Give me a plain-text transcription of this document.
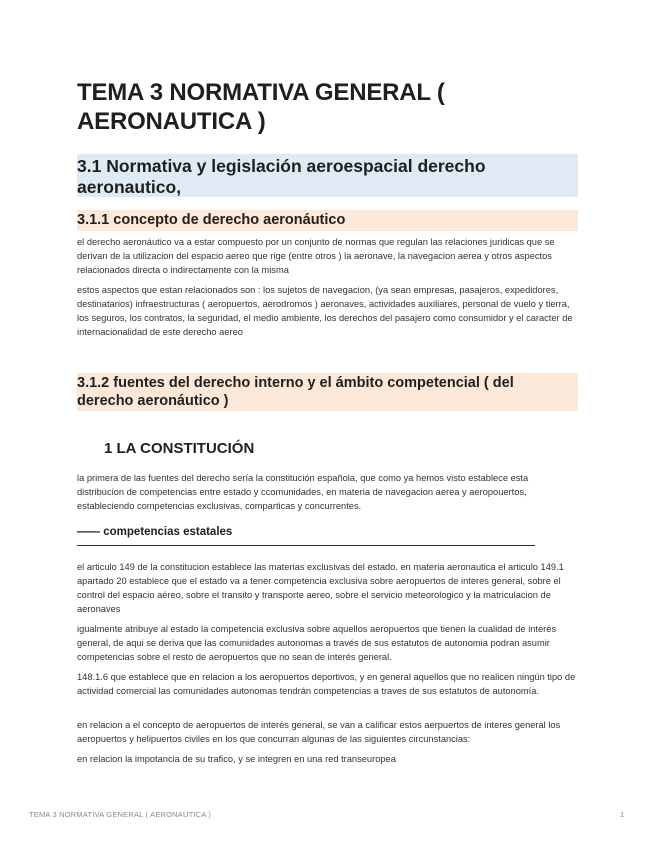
TEMA 3 NORMATIVA GENERAL ( AERONAUTICA )
3.1 Normativa y legislación aeroespacial derecho aeronautico,
3.1.1 concepto de derecho aeronáutico

el derecho aeronáutico va a estar compuesto por un conjunto de normas que regulan las relaciones juridicas que se derivan de la utilizacion del espacio aereo que rige (entre otros ) la aeronave, la navegacion aerea y otros aspectos relacionados directa o indirectamente con la misma

estos aspectos que estan relacionados son : los sujetos de navegacion, (ya sean empresas, pasajeros, expedidores, destinatarios) infraestructuras ( aeropuertos, aerodromos ) aeronaves, actividades auxiliares, personal de vuelo y tierra, los seguros, los contratos, la seguridad, el medio ambiente, los derechos del pasajero como consumidor y el caracter de internacionalidad de este derecho aereo

3.1.2 fuentes del derecho interno y el ámbito competencial ( del derecho aeronáutico )
1 LA CONSTITUCIÓN

la primera de las fuentes del derecho sería la constitución española, que como ya hemos visto establece esta distribucion de competencias entre estado y ccomunidades, en materia de navegacion aerea y aeropouertos, estableciendo competencias exclusivas, comparticas y concurrentes.

—— competencias estatales

el articulo 149 de la constitucion establece las materias exclusivas del estado. en materia aeronautica el articulo 149.1 apartado 20 establece que el estado va a tener competencia exclusiva sobre aeropuertos de interes general, sobre el control del espacio aéreo, sobre el transito y transporte aereo, sobre el servicio meteorologico y la matriculacion de aeronaves

igualmente atribuye al estado la competencia exclusiva sobre aquellos aeropuertos que tienen la cualidad de interés general, de aqui se deriva que las comunidades autonomas a través de sus estatutos de autonomia podran asumir competencias sobre el resto de aeropuertos que no sean de interés general.

148.1.6 que establece que en relacion a los aeropuertos deportivos, y en general aquellos que no realicen ningún tipo de actividad comercial las comunidades autonomas tendrán competencias a traves de sus estatutos de autonomía.

en relacion a el concepto de aeropuertos de interés general, se van a calificar estos aerpuertos de interes general los aeropuertos y helipuertos civiles en los que concurran algunas de las siguientes circunstancias:

en relacion la impotancia de su trafico, y se integren en una red transeuropea

TEMA 3 NORMATIVA GENERAL ( AERONAUTICA )	1
